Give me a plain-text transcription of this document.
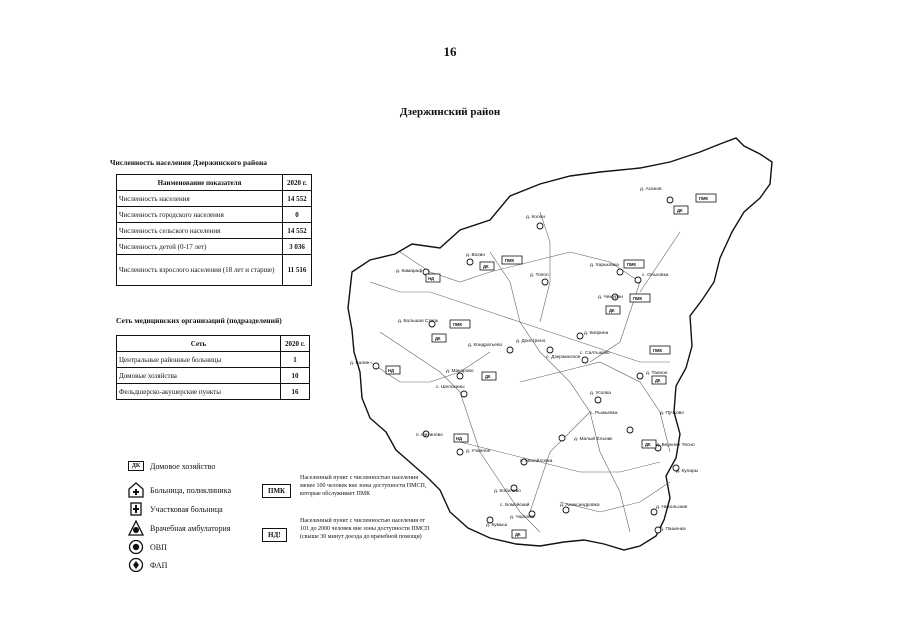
16
Дзержинский район
Численность населения Дзержинского района
Наименование показателя	2020 г.
Численность населения	14 552
Численность городского населения	0
Численность сельского населения	14 552
Численность детей (0-17 лет)	3 036
Численность взрослого населения (18 лет и старше)	11 516
Сеть медицинских организаций (подразделений)
Сеть	2020 г.
Центральные районные больницы	1
Домовые хозяйства	10
Фельдшерско-акушерские пункты	16
ДК	Домовое хозяйство
Больница, поликлиника
Участковая больница
Врачебная амбулатория
ОВП
ФАП
ПМК
Населенный пункт с численностью населения менее 100 человек вне зоны доступности ПМСП, которые обслуживает ПМК
НД!
Населенный пункт с численностью населения от 101 до 2000 человек вне зоны доступности ПМСП (свыше 30 минут доезда до врачебной помощи)
д. Асанов
д. Колон
д. Вохин
д. Топол
д. Харьковка
с. Ольховка
д. Камараф
д. Чемуран
д. Большая Степь
д. Киприна
д. Донстрено
с. Дзержинское
с. Салтыково
д. Кондратьево
д. Балин
д. Макарово
с. Шелоханы
д. Таеное
д. Усолка
с. Рыжьевка	д. Пучково
п. Нитиново
д. Учанное
д. Малый Ельник
с. Михайловка
д. Верхнее Тесно
д. Кулары
д. Кобелево
с. Бомойский
д. Чорново
д. Александровка
д. Кумыш
д. Никольские
д. Пашенка
ПМК
ДК
ПМК
ДК	ПМК
НД
ПМК
ДК
ПМК
ДК
НД
ПМК
ДК
ДК
НД
ДК
ДК
